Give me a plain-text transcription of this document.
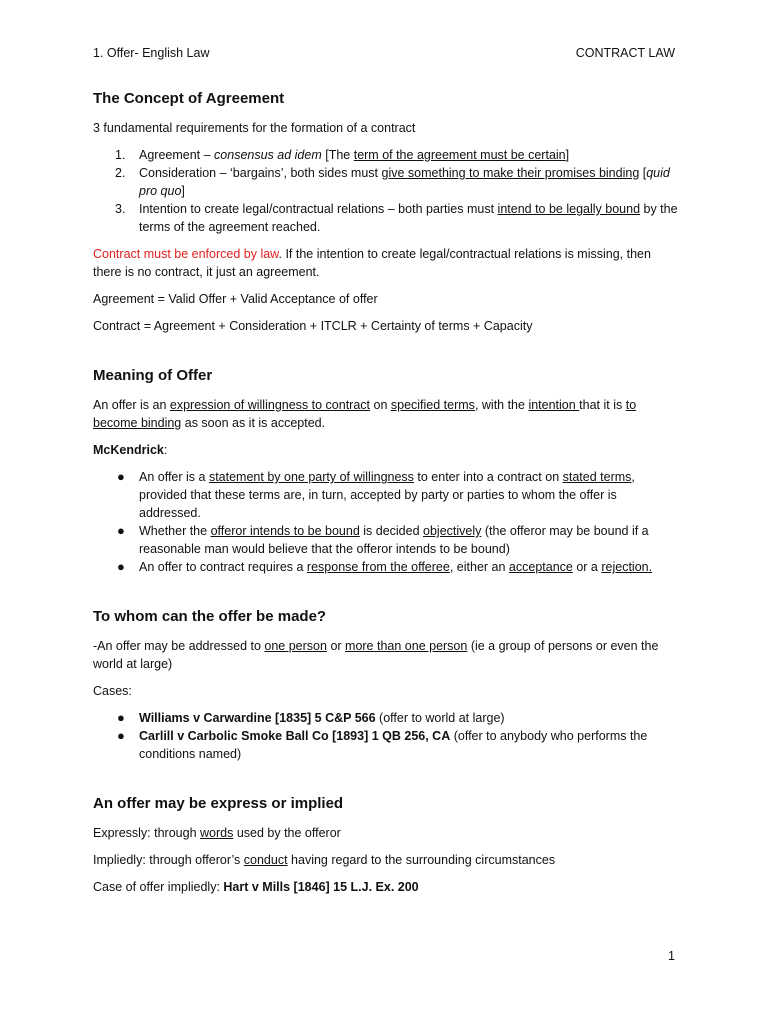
1. Offer- English Law	CONTRACT LAW
The Concept of Agreement

3 fundamental requirements for the formation of a contract

1. Agreement – consensus ad idem [The term of the agreement must be certain]
2. Consideration – ‘bargains’, both sides must give something to make their promises binding [quid pro quo]
3. Intention to create legal/contractual relations – both parties must intend to be legally bound by the terms of the agreement reached.

Contract must be enforced by law. If the intention to create legal/contractual relations is missing, then there is no contract, it just an agreement.

Agreement = Valid Offer + Valid Acceptance of offer

Contract = Agreement + Consideration + ITCLR + Certainty of terms + Capacity

Meaning of Offer

An offer is an expression of willingness to contract on specified terms, with the intention that it is to become binding as soon as it is accepted.

McKendrick:

● An offer is a statement by one party of willingness to enter into a contract on stated terms, provided that these terms are, in turn, accepted by party or parties to whom the offer is addressed.
● Whether the offeror intends to be bound is decided objectively (the offeror may be bound if a reasonable man would believe that the offeror intends to be bound)
● An offer to contract requires a response from the offeree, either an acceptance or a rejection.
To whom can the offer be made?

-An offer may be addressed to one person or more than one person (ie a group of persons or even the world at large)

Cases:

● Williams v Carwardine [1835] 5 C&P 566 (offer to world at large)
● Carlill v Carbolic Smoke Ball Co [1893] 1 QB 256, CA (offer to anybody who performs the conditions named)
An offer may be express or implied

Expressly: through words used by the offeror

Impliedly: through offeror’s conduct having regard to the surrounding circumstances

Case of offer impliedly: Hart v Mills [1846] 15 L.J. Ex. 200

1
